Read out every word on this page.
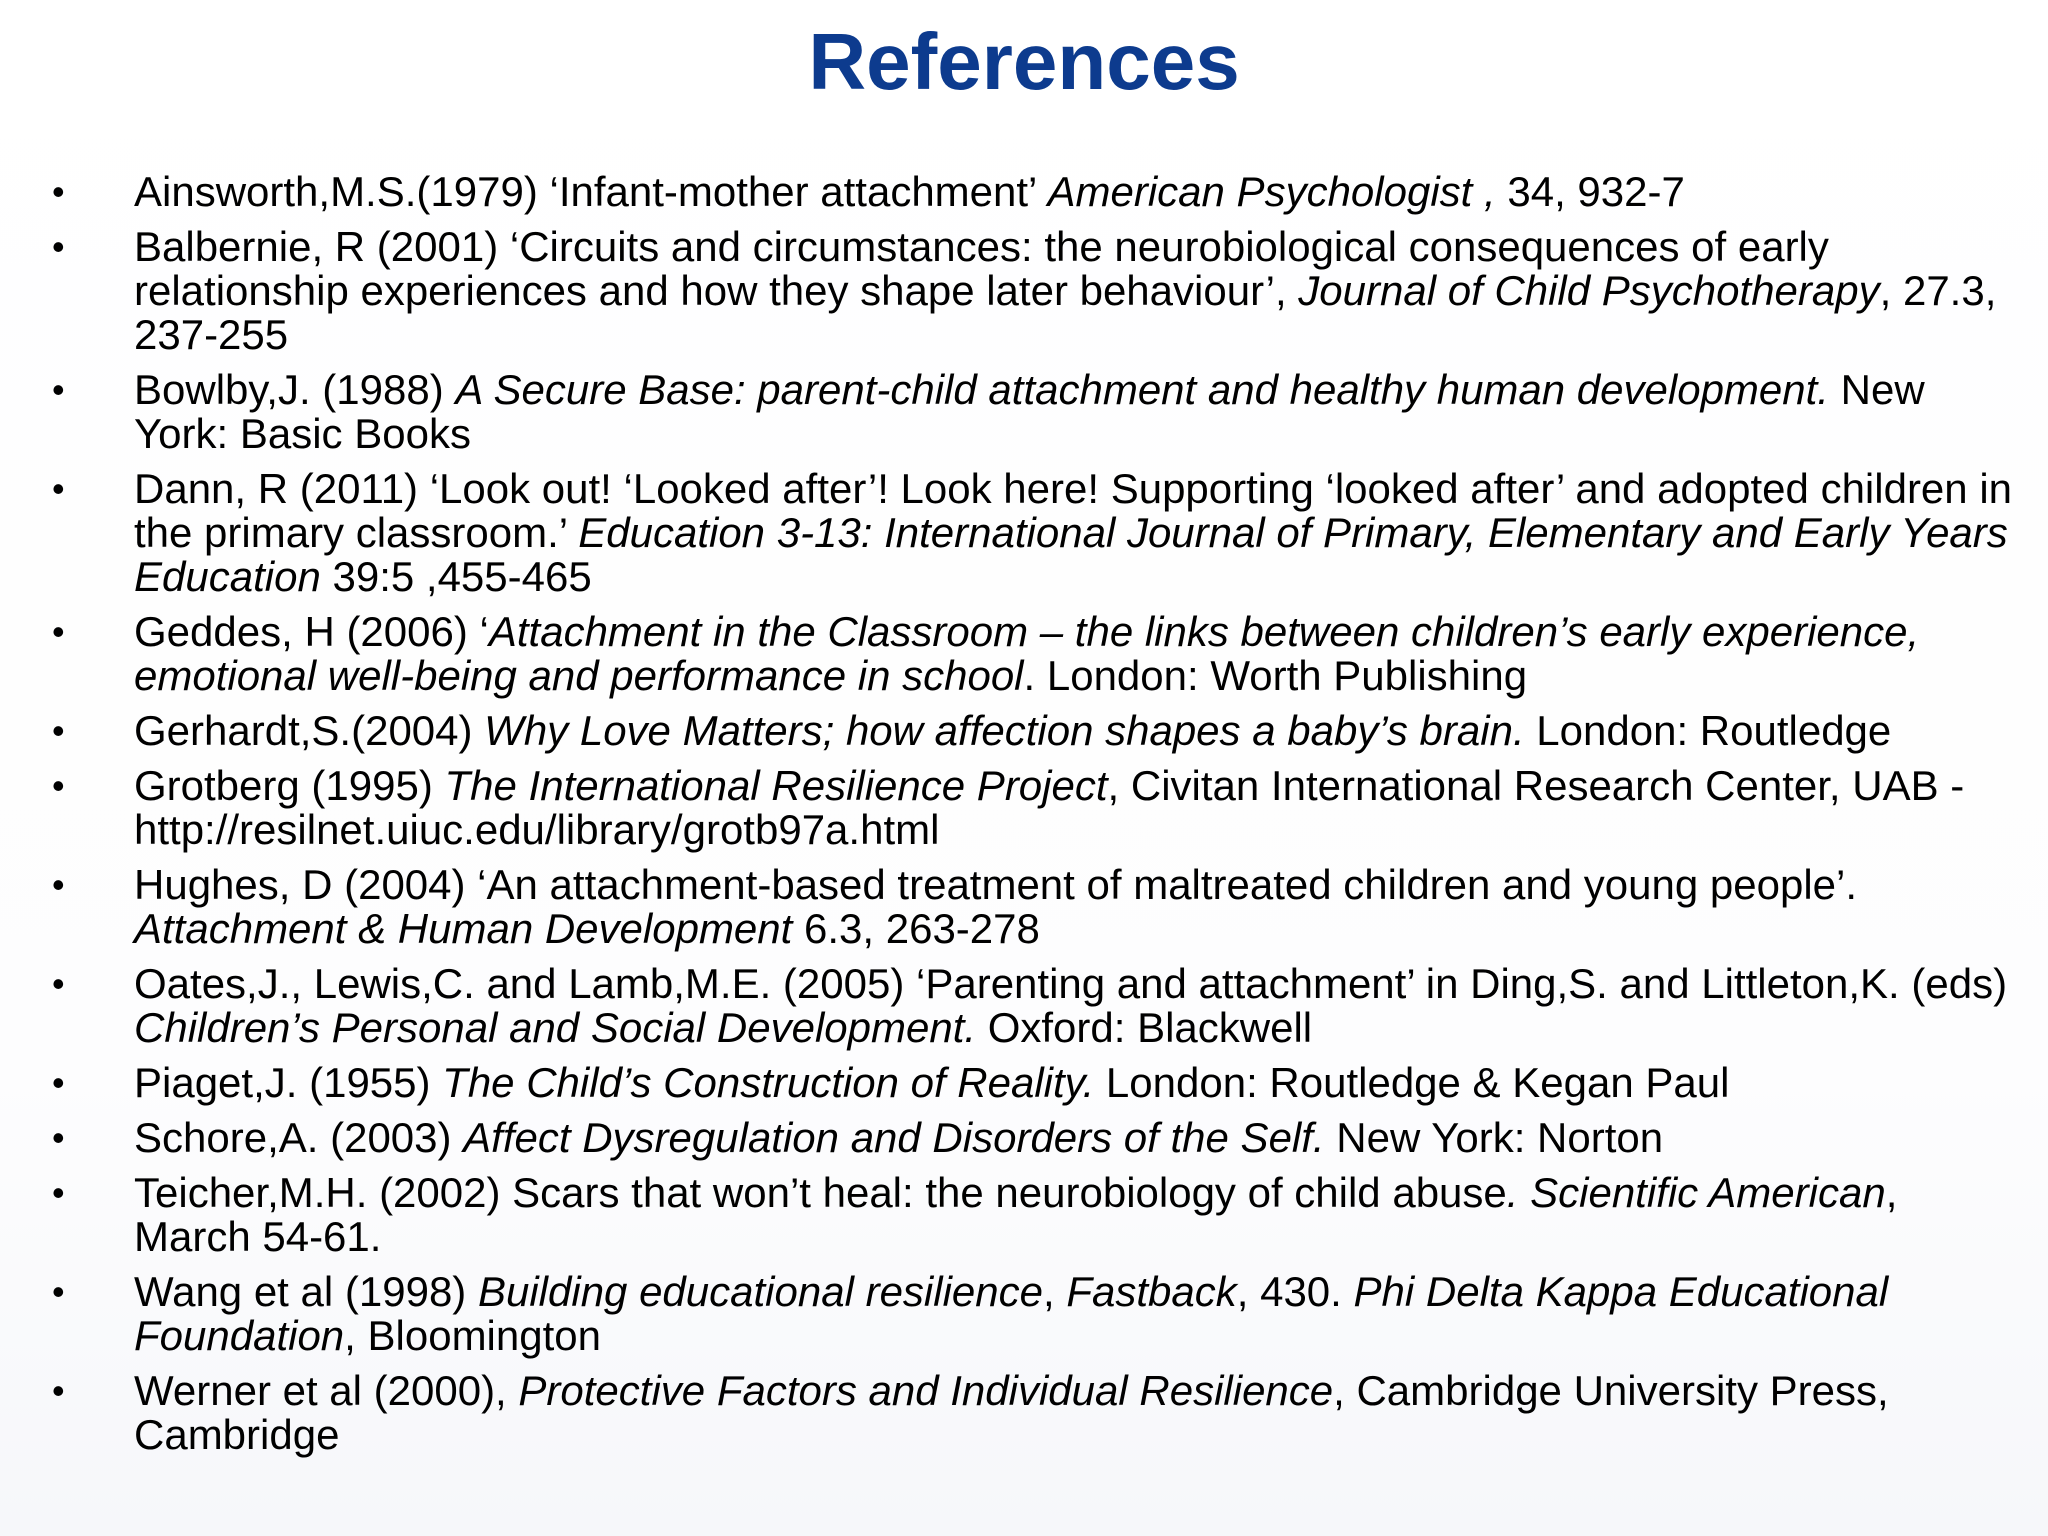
References
•	Ainsworth,M.S.(1979) ‘Infant-mother attachment’ American Psychologist , 34, 932-7
•	Balbernie, R (2001) ‘Circuits and circumstances: the neurobiological consequences of early relationship experiences and how they shape later behaviour’, Journal of Child Psychotherapy, 27.3, 237-255
•	Bowlby,J. (1988) A Secure Base: parent-child attachment and healthy human development. New York: Basic Books
•	Dann, R (2011) ‘Look out! ‘Looked after’! Look here! Supporting ‘looked after’ and adopted children in the primary classroom.’ Education 3-13: International Journal of Primary, Elementary and Early Years Education 39:5 ,455-465
•	Geddes, H (2006) ‘Attachment in the Classroom – the links between children’s early experience, emotional well-being and performance in school. London: Worth Publishing
•	Gerhardt,S.(2004) Why Love Matters; how affection shapes a baby’s brain. London: Routledge
•	Grotberg (1995) The International Resilience Project, Civitan International Research Center, UAB - http://resilnet.uiuc.edu/library/grotb97a.html
•	Hughes, D (2004) ‘An attachment-based treatment of maltreated children and young people’. Attachment & Human Development 6.3, 263-278
•	Oates,J., Lewis,C. and Lamb,M.E. (2005) ‘Parenting and attachment’ in Ding,S. and Littleton,K. (eds) Children’s Personal and Social Development. Oxford: Blackwell
•	Piaget,J. (1955) The Child’s Construction of Reality. London: Routledge & Kegan Paul
•	Schore,A. (2003) Affect Dysregulation and Disorders of the Self. New York: Norton
•	Teicher,M.H. (2002) Scars that won’t heal: the neurobiology of child abuse. Scientific American, March 54-61.
•	Wang et al (1998) Building educational resilience, Fastback, 430. Phi Delta Kappa Educational Foundation, Bloomington
•	Werner et al (2000), Protective Factors and Individual Resilience, Cambridge University Press, Cambridge
